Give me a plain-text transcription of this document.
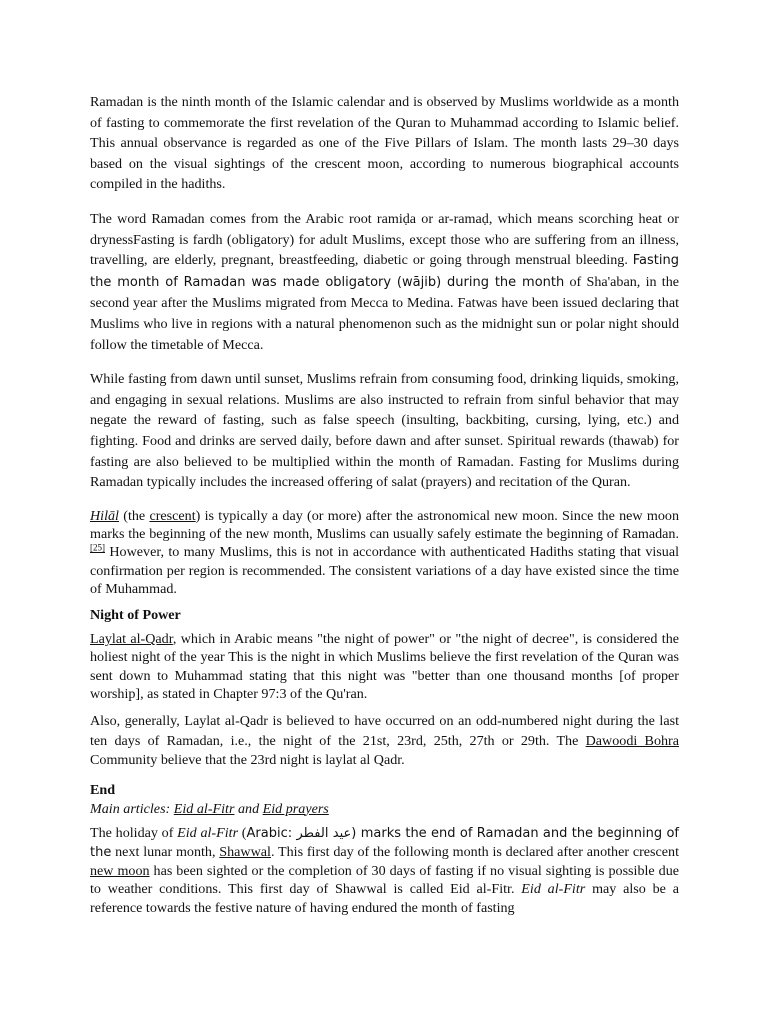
Ramadan is the ninth month of the Islamic calendar and is observed by Muslims worldwide as a month of fasting to commemorate the first revelation of the Quran to Muhammad according to Islamic belief. This annual observance is regarded as one of the Five Pillars of Islam. The month lasts 29–30 days based on the visual sightings of the crescent moon, according to numerous biographical accounts compiled in the hadiths.

The word Ramadan comes from the Arabic root ramiḍa or ar-ramaḍ, which means scorching heat or drynessFasting is fardh (obligatory) for adult Muslims, except those who are suffering from an illness, travelling, are elderly, pregnant, breastfeeding, diabetic or going through menstrual bleeding. Fasting the month of Ramadan was made obligatory (wājib) during the month of Sha'aban, in the second year after the Muslims migrated from Mecca to Medina. Fatwas have been issued declaring that Muslims who live in regions with a natural phenomenon such as the midnight sun or polar night should follow the timetable of Mecca.

While fasting from dawn until sunset, Muslims refrain from consuming food, drinking liquids, smoking, and engaging in sexual relations. Muslims are also instructed to refrain from sinful behavior that may negate the reward of fasting, such as false speech (insulting, backbiting, cursing, lying, etc.) and fighting. Food and drinks are served daily, before dawn and after sunset. Spiritual rewards (thawab) for fasting are also believed to be multiplied within the month of Ramadan. Fasting for Muslims during Ramadan typically includes the increased offering of salat (prayers) and recitation of the Quran.

Hilāl (the crescent) is typically a day (or more) after the astronomical new moon. Since the new moon marks the beginning of the new month, Muslims can usually safely estimate the beginning of Ramadan.[25] However, to many Muslims, this is not in accordance with authenticated Hadiths stating that visual confirmation per region is recommended. The consistent variations of a day have existed since the time of Muhammad.

Night of Power

Laylat al-Qadr, which in Arabic means "the night of power" or "the night of decree", is considered the holiest night of the year This is the night in which Muslims believe the first revelation of the Quran was sent down to Muhammad stating that this night was "better than one thousand months [of proper worship], as stated in Chapter 97:3 of the Qu'ran.

Also, generally, Laylat al-Qadr is believed to have occurred on an odd-numbered night during the last ten days of Ramadan, i.e., the night of the 21st, 23rd, 25th, 27th or 29th. The Dawoodi Bohra Community believe that the 23rd night is laylat al Qadr.

End
Main articles: Eid al-Fitr and Eid prayers

The holiday of Eid al-Fitr (Arabic: عيد الفطر) marks the end of Ramadan and the beginning of the next lunar month, Shawwal. This first day of the following month is declared after another crescent new moon has been sighted or the completion of 30 days of fasting if no visual sighting is possible due to weather conditions. This first day of Shawwal is called Eid al-Fitr. Eid al-Fitr may also be a reference towards the festive nature of having endured the month of fasting
